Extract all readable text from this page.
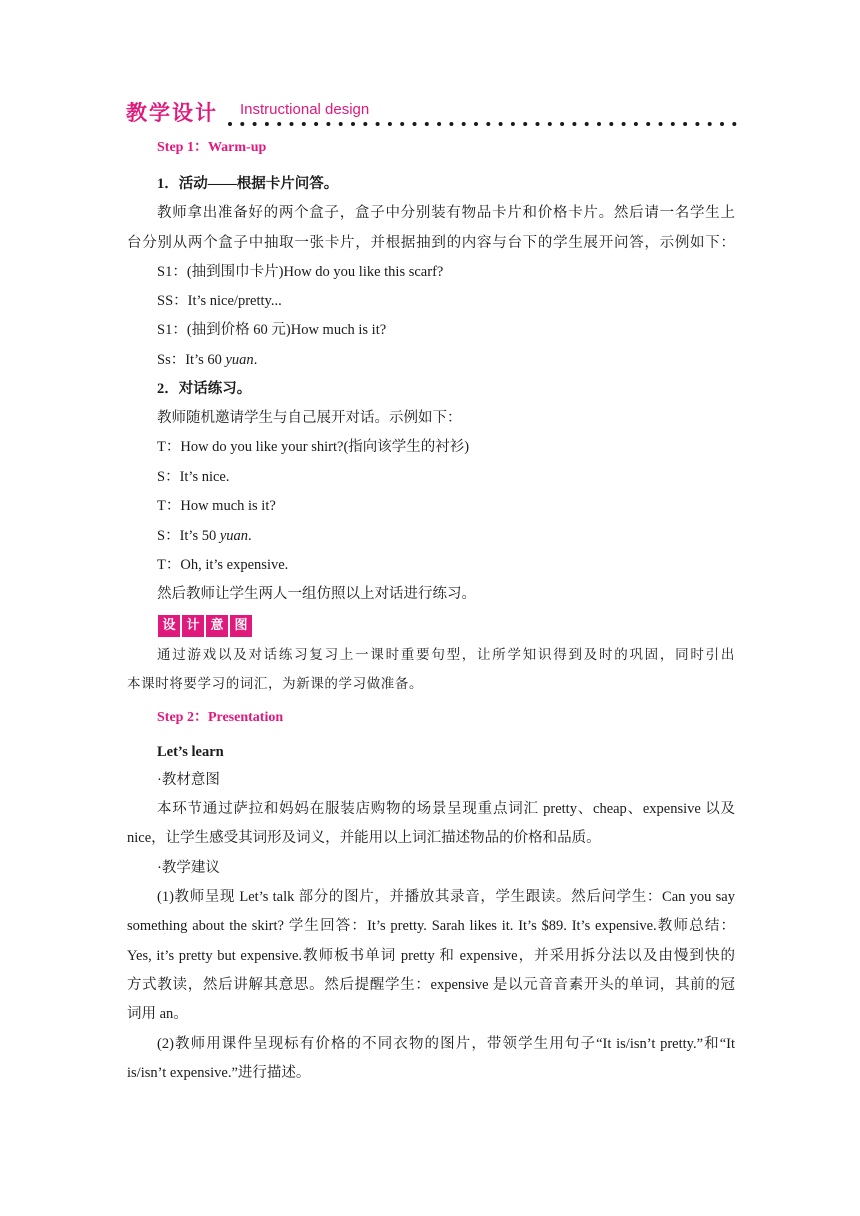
教学设计 Instructional design
Step 1：Warm-up
1．活动——根据卡片问答。
教师拿出准备好的两个盒子，盒子中分别装有物品卡片和价格卡片。然后请一名学生上
台分别从两个盒子中抽取一张卡片，并根据抽到的内容与台下的学生展开问答，示例如下：
S1：(抽到围巾卡片)How do you like this scarf?
SS：It’s nice/pretty...
S1：(抽到价格 60 元)How much is it?
Ss：It’s 60 yuan.
2．对话练习。
教师随机邀请学生与自己展开对话。示例如下：
T：How do you like your shirt?(指向该学生的衬衫)
S：It’s nice.
T：How much is it?
S：It’s 50 yuan.
T：Oh, it’s expensive.
然后教师让学生两人一组仿照以上对话进行练习。
设 计 意 图
通过游戏以及对话练习复习上一课时重要句型，让所学知识得到及时的巩固，同时引出
本课时将要学习的词汇，为新课的学习做准备。
Step 2：Presentation
Let’s learn
·教材意图
本环节通过萨拉和妈妈在服装店购物的场景呈现重点词汇 pretty、cheap、expensive 以及
nice，让学生感受其词形及词义，并能用以上词汇描述物品的价格和品质。
·教学建议
(1)教师呈现 Let’s talk 部分的图片，并播放其录音，学生跟读。然后问学生：Can you say
something about the skirt? 学生回答：It’s pretty. Sarah likes it. It’s $89. It’s expensive.教师总结：
Yes, it’s pretty but expensive.教师板书单词 pretty 和 expensive，并采用拆分法以及由慢到快的
方式教读，然后讲解其意思。然后提醒学生：expensive 是以元音音素开头的单词，其前的冠
词用 an。
(2)教师用课件呈现标有价格的不同衣物的图片，带领学生用句子“It is/isn’t pretty.”和“It
is/isn’t expensive.”进行描述。
